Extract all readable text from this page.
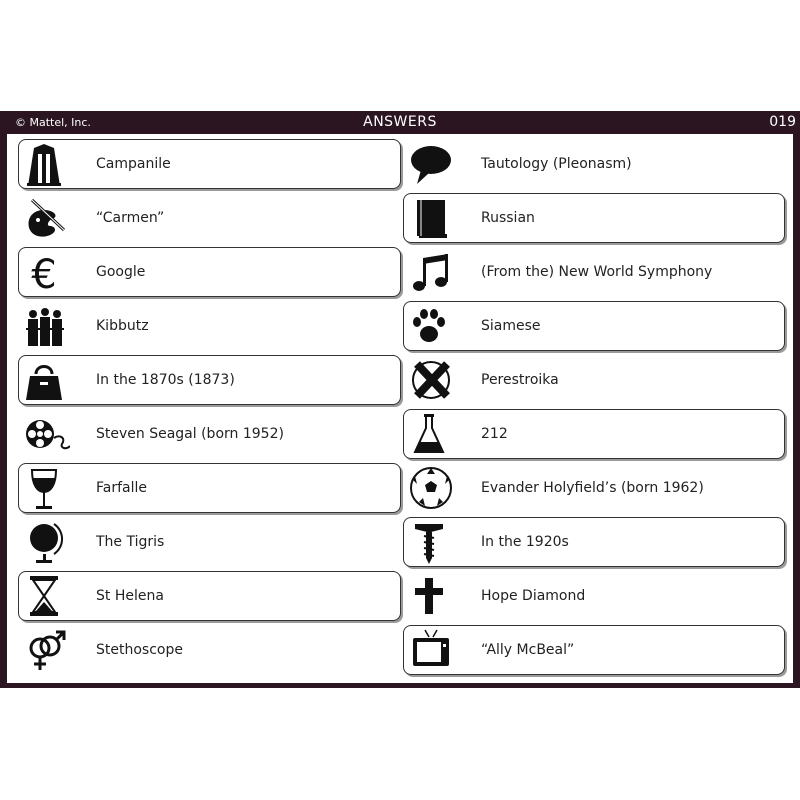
© Mattel, Inc.	ANSWERS	019
Campanile
“Carmen”
€	Google
Kibbutz
In the 1870s (1873)
Steven Seagal (born 1952)
Farfalle
The Tigris
St Helena
Stethoscope
Tautology (Pleonasm)
Russian
(From the) New World Symphony
Siamese
Perestroika
212
Evander Holyfield’s (born 1962)
In the 1920s
Hope Diamond
“Ally McBeal”
